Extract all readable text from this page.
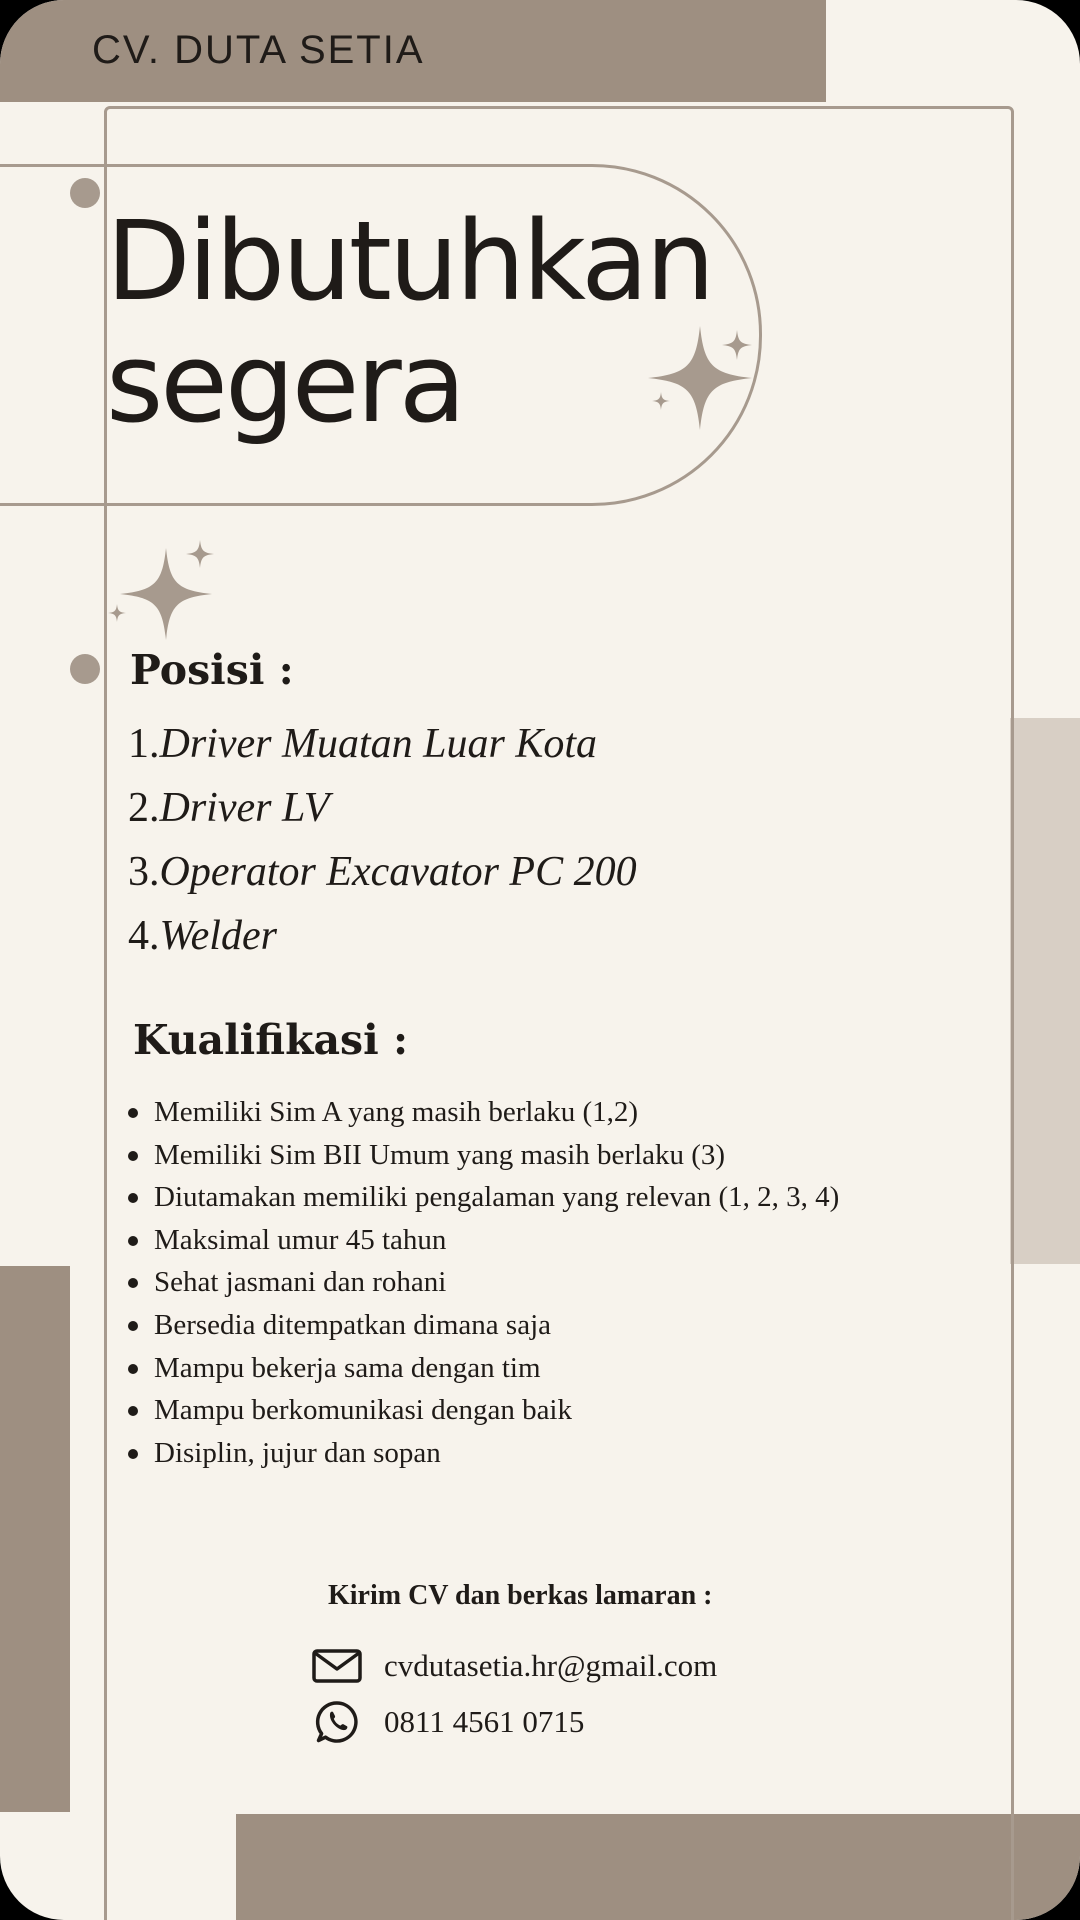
CV. DUTA SETIA
Dibutuhkan
segera
Posisi :
1.Driver Muatan Luar Kota
2.Driver LV
3.Operator Excavator PC 200
4.Welder
Kualifikasi :
Memiliki Sim A yang masih berlaku (1,2)
Memiliki Sim BII Umum yang masih berlaku (3)
Diutamakan memiliki pengalaman yang relevan (1, 2, 3, 4)
Maksimal umur 45 tahun
Sehat jasmani dan rohani
Bersedia ditempatkan dimana saja
Mampu bekerja sama dengan tim
Mampu berkomunikasi dengan baik
Disiplin, jujur dan sopan
Kirim CV dan berkas lamaran :
cvdutasetia.hr@gmail.com
0811 4561 0715
